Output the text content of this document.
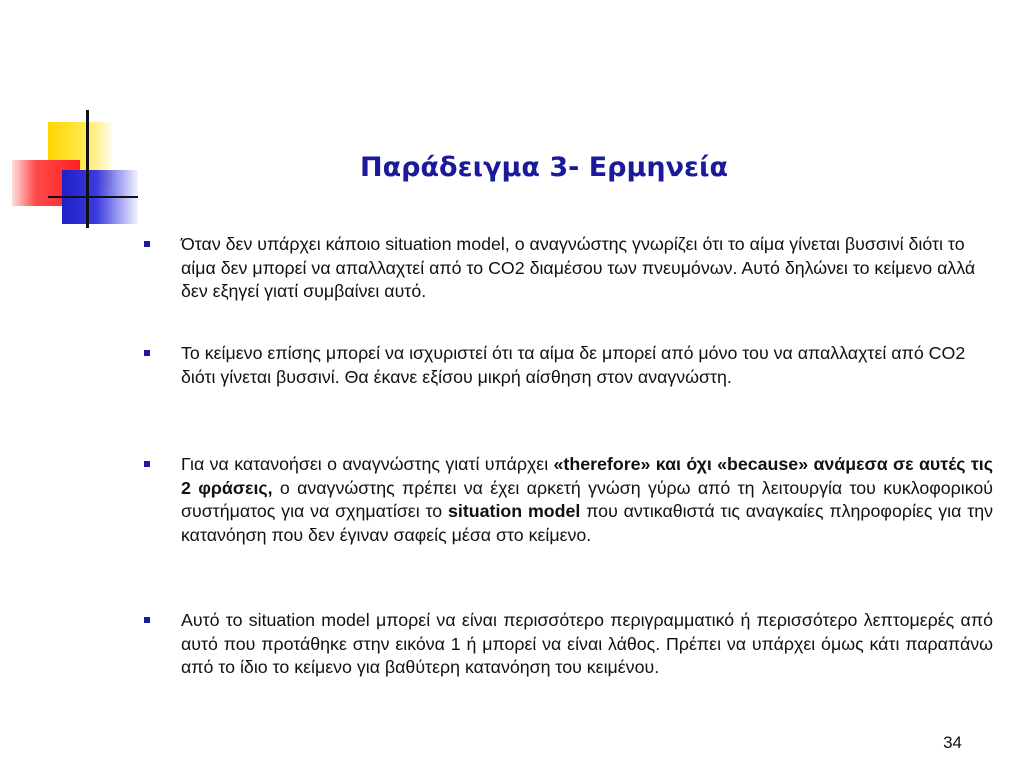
Παράδειγμα 3- Ερμηνεία
Όταν δεν υπάρχει κάποιο situation model, ο αναγνώστης γνωρίζει ότι το αίμα γίνεται βυσσινί διότι το αίμα δεν μπορεί να απαλλαχτεί από το CO2 διαμέσου των πνευμόνων. Αυτό δηλώνει το κείμενο αλλά δεν εξηγεί γιατί συμβαίνει αυτό.
Το κείμενο επίσης μπορεί να ισχυριστεί ότι τα αίμα δε μπορεί από μόνο του να απαλλαχτεί από CO2 διότι γίνεται βυσσινί. Θα έκανε εξίσου μικρή αίσθηση στον αναγνώστη.
Για να κατανοήσει ο αναγνώστης γιατί υπάρχει «therefore» και όχι «because» ανάμεσα σε αυτές τις 2 φράσεις, ο αναγνώστης πρέπει να έχει αρκετή γνώση γύρω από τη λειτουργία του κυκλοφορικού συστήματος για να σχηματίσει το situation model που αντικαθιστά τις αναγκαίες πληροφορίες για την κατανόηση που δεν έγιναν σαφείς μέσα στο κείμενο.
Αυτό το situation model μπορεί να είναι περισσότερο περιγραμματικό ή περισσότερο λεπτομερές από αυτό που προτάθηκε στην εικόνα 1 ή μπορεί να είναι λάθος. Πρέπει να υπάρχει όμως κάτι παραπάνω από το ίδιο το κείμενο για βαθύτερη κατανόηση του κειμένου.
34
